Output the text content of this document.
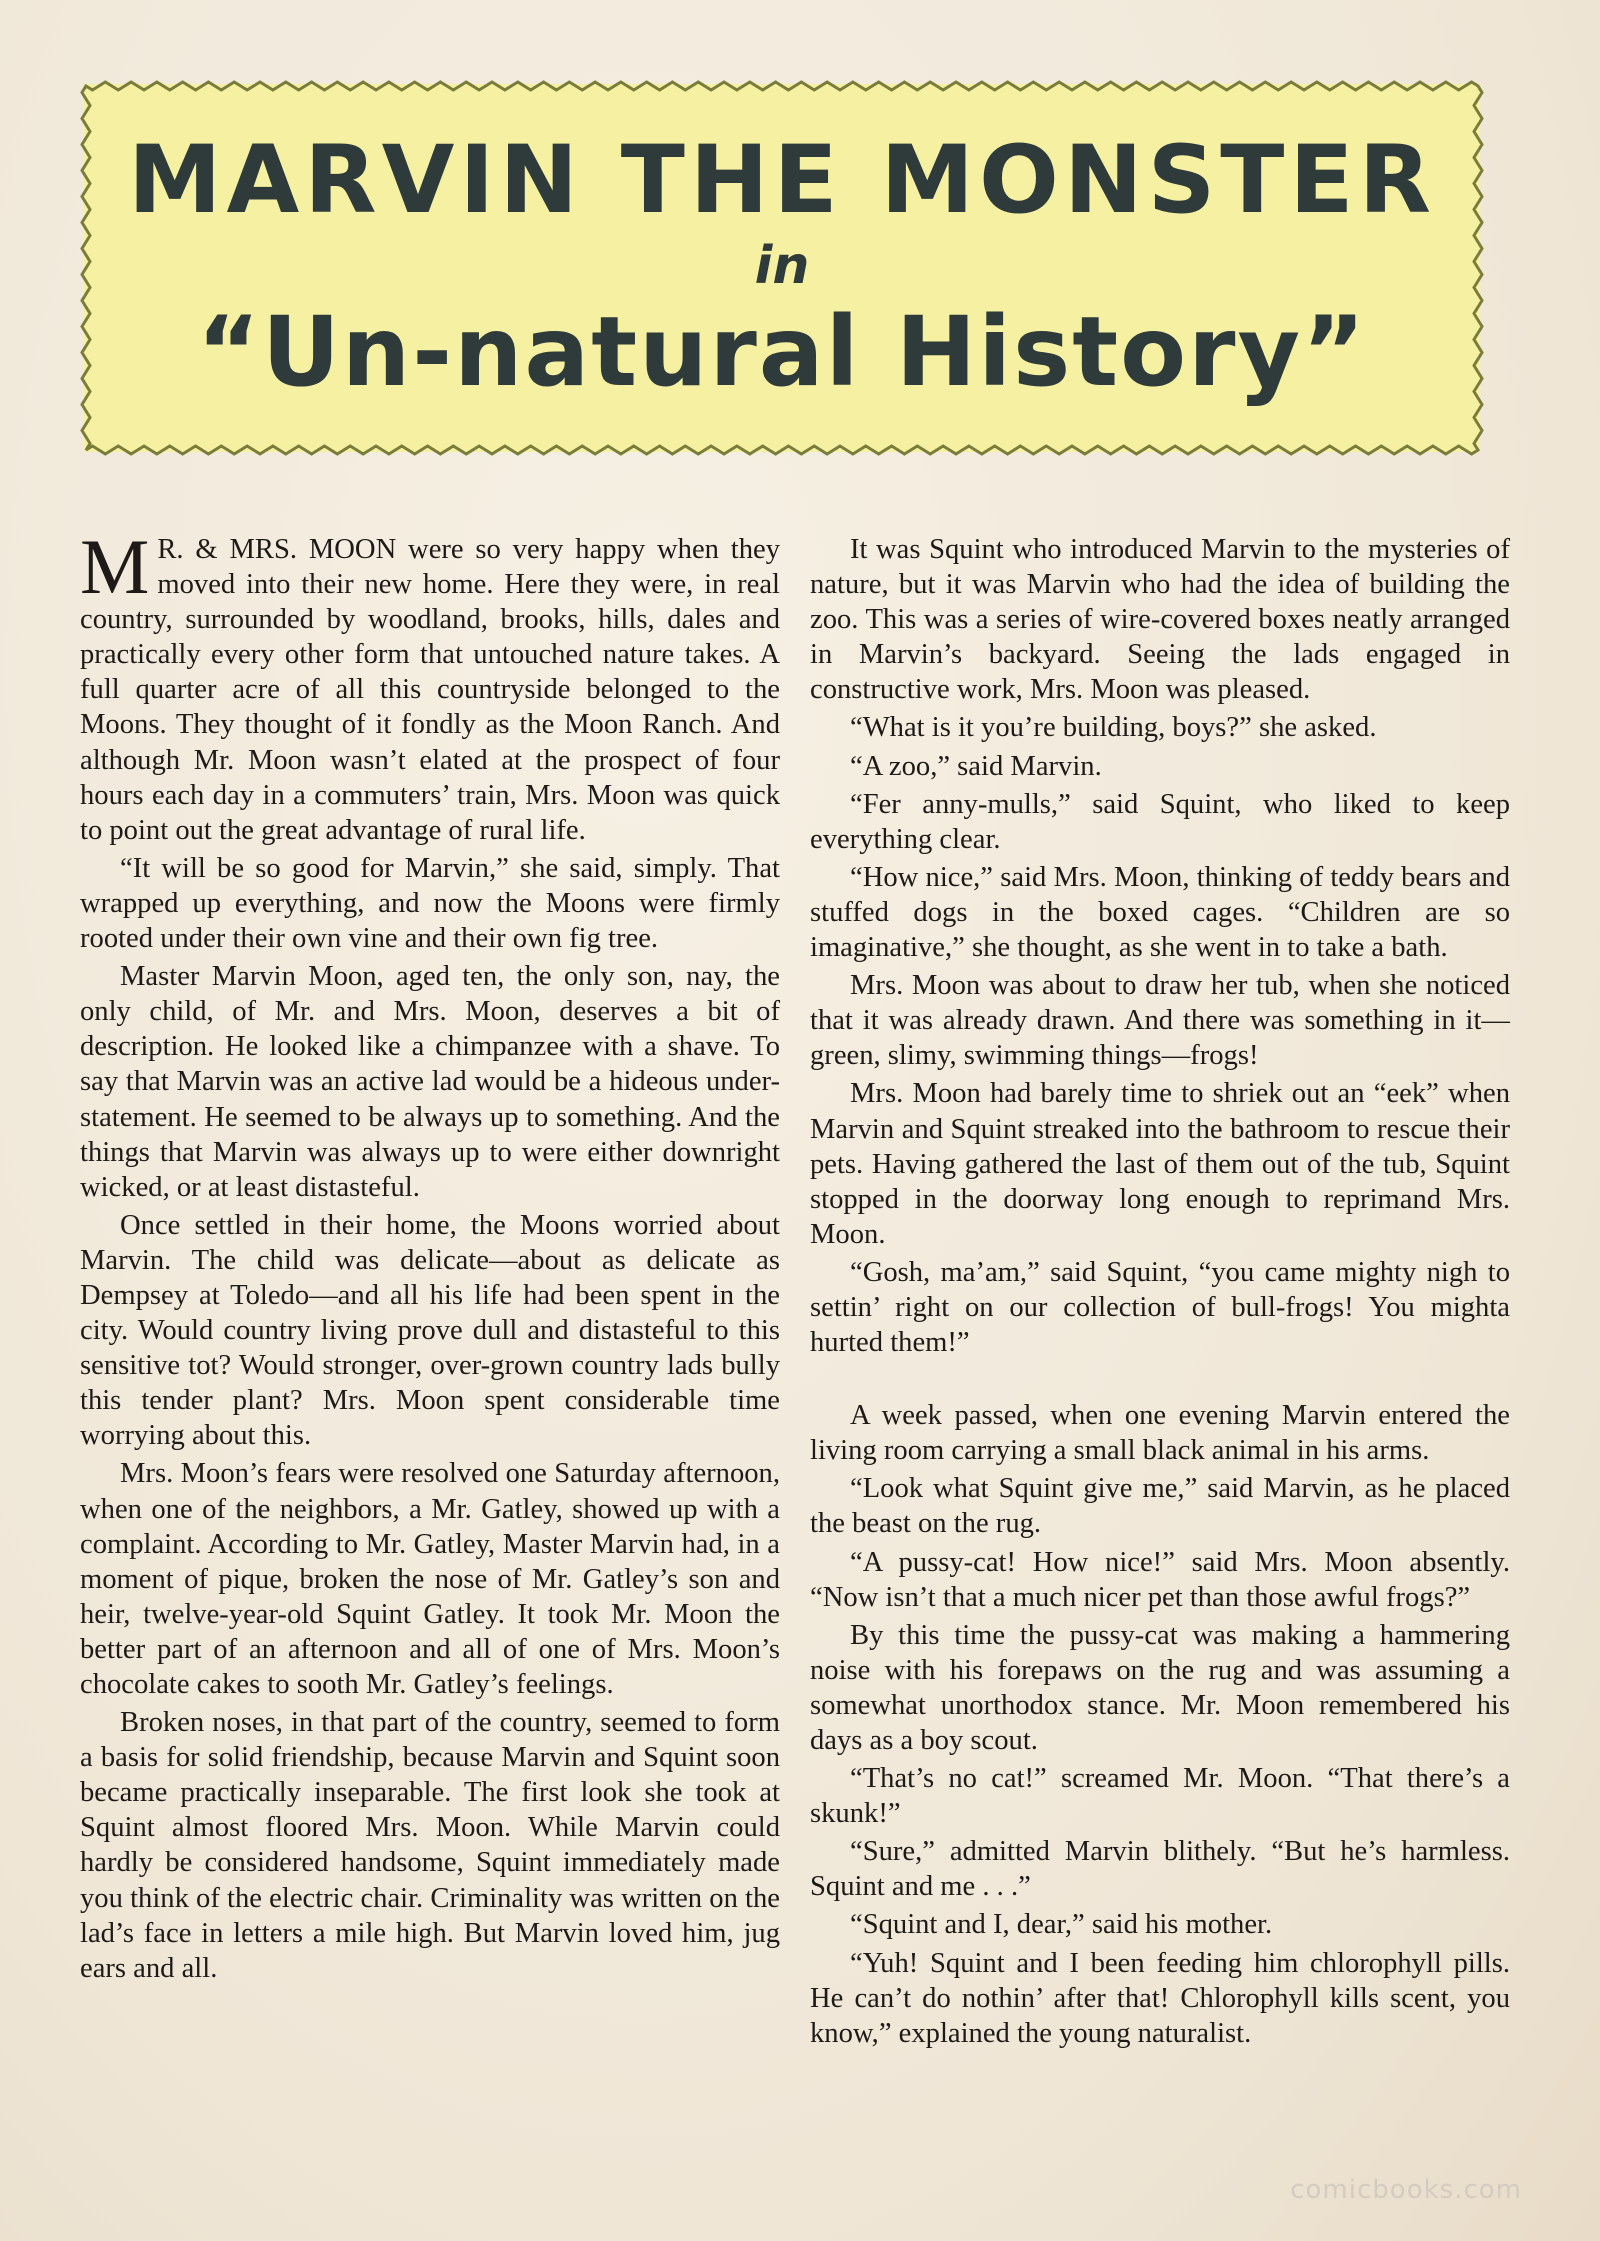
MARVIN THE MONSTER
in
“Un-natural History”

M R. & MRS. MOON were so very happy when they moved into their new home. Here they were, in real country, surrounded by woodland, brooks, hills, dales and practically every other form that untouched nature takes. A full quarter acre of all this countryside belonged to the Moons. They thought of it fondly as the Moon Ranch. And although Mr. Moon wasn’t elated at the prospect of four hours each day in a commuters’ train, Mrs. Moon was quick to point out the great advantage of rural life.

“It will be so good for Marvin,” she said, simply. That wrapped up everything, and now the Moons were firmly rooted under their own vine and their own fig tree.

Master Marvin Moon, aged ten, the only son, nay, the only child, of Mr. and Mrs. Moon, deserves a bit of description. He looked like a chimpanzee with a shave. To say that Marvin was an active lad would be a hideous under-statement. He seemed to be always up to something. And the things that Marvin was always up to were either downright wicked, or at least distasteful.

Once settled in their home, the Moons worried about Marvin. The child was delicate—about as delicate as Dempsey at Toledo—and all his life had been spent in the city. Would country living prove dull and distasteful to this sensitive tot? Would stronger, over-grown country lads bully this tender plant? Mrs. Moon spent considerable time worrying about this.

Mrs. Moon’s fears were resolved one Saturday afternoon, when one of the neighbors, a Mr. Gatley, showed up with a complaint. According to Mr. Gatley, Master Marvin had, in a moment of pique, broken the nose of Mr. Gatley’s son and heir, twelve-year-old Squint Gatley. It took Mr. Moon the better part of an afternoon and all of one of Mrs. Moon’s chocolate cakes to sooth Mr. Gatley’s feelings.

Broken noses, in that part of the country, seemed to form a basis for solid friendship, because Marvin and Squint soon became practically inseparable. The first look she took at Squint almost floored Mrs. Moon. While Marvin could hardly be considered handsome, Squint immediately made you think of the electric chair. Criminality was written on the lad’s face in letters a mile high. But Marvin loved him, jug ears and all.

It was Squint who introduced Marvin to the mysteries of nature, but it was Marvin who had the idea of building the zoo. This was a series of wire-covered boxes neatly arranged in Marvin’s backyard. Seeing the lads engaged in constructive work, Mrs. Moon was pleased.

“What is it you’re building, boys?” she asked.

“A zoo,” said Marvin.

“Fer anny-mulls,” said Squint, who liked to keep everything clear.

“How nice,” said Mrs. Moon, thinking of teddy bears and stuffed dogs in the boxed cages. “Children are so imaginative,” she thought, as she went in to take a bath.

Mrs. Moon was about to draw her tub, when she noticed that it was already drawn. And there was something in it—green, slimy, swimming things—frogs!

Mrs. Moon had barely time to shriek out an “eek” when Marvin and Squint streaked into the bathroom to rescue their pets. Having gathered the last of them out of the tub, Squint stopped in the doorway long enough to reprimand Mrs. Moon.

“Gosh, ma’am,” said Squint, “you came mighty nigh to settin’ right on our collection of bull-frogs! You mighta hurted them!”

A week passed, when one evening Marvin entered the living room carrying a small black animal in his arms.

“Look what Squint give me,” said Marvin, as he placed the beast on the rug.

“A pussy-cat! How nice!” said Mrs. Moon absently. “Now isn’t that a much nicer pet than those awful frogs?”

By this time the pussy-cat was making a hammering noise with his forepaws on the rug and was assuming a somewhat unorthodox stance. Mr. Moon remembered his days as a boy scout.

“That’s no cat!” screamed Mr. Moon. “That there’s a skunk!”

“Sure,” admitted Marvin blithely. “But he’s harmless. Squint and me . . .”

“Squint and I, dear,” said his mother.

“Yuh! Squint and I been feeding him chlorophyll pills. He can’t do nothin’ after that! Chlorophyll kills scent, you know,” explained the young naturalist.

comicbooks.com
